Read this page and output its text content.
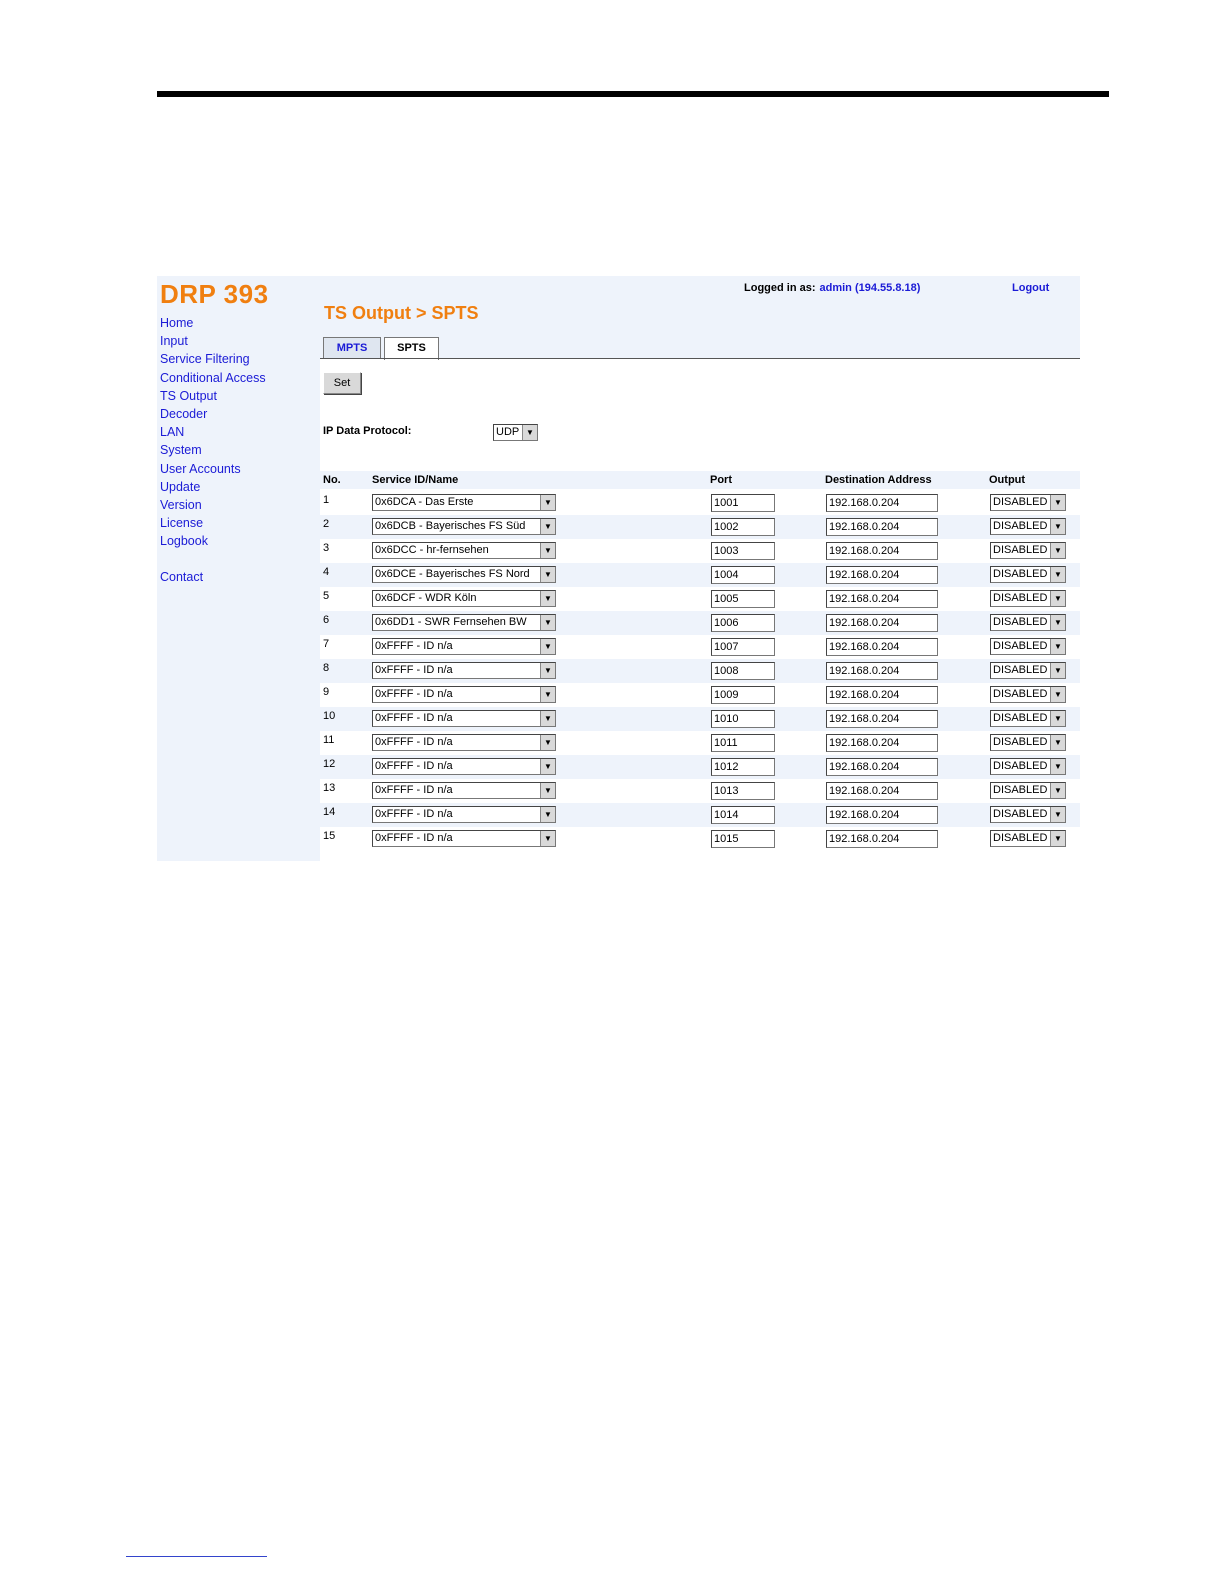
DRP 393
Home
Input
Service Filtering
Conditional Access
TS Output
Decoder
LAN
System
User Accounts
Update
Version
License
Logbook
Contact
Logged in as: admin (194.55.8.18)	Logout
TS Output > SPTS
MPTS	SPTS
Set
IP Data Protocol:	UDP ▼
No.	Service ID/Name	Port	Destination Address	Output
1	0x6DCA - Das Erste	▼	1001	192.168.0.204	DISABLED ▼
2	0x6DCB - Bayerisches FS Süd	▼	1002	192.168.0.204	DISABLED ▼
3	0x6DCC - hr-fernsehen	▼	1003	192.168.0.204	DISABLED ▼
4	0x6DCE - Bayerisches FS Nord	▼	1004	192.168.0.204	DISABLED ▼
5	0x6DCF - WDR Köln	▼	1005	192.168.0.204	DISABLED ▼
6	0x6DD1 - SWR Fernsehen BW	▼	1006	192.168.0.204	DISABLED ▼
7	0xFFFF - ID n/a	▼	1007	192.168.0.204	DISABLED ▼
8	0xFFFF - ID n/a	▼	1008	192.168.0.204	DISABLED ▼
9	0xFFFF - ID n/a	▼	1009	192.168.0.204	DISABLED ▼
10	0xFFFF - ID n/a	▼	1010	192.168.0.204	DISABLED ▼
11	0xFFFF - ID n/a	▼	1011	192.168.0.204	DISABLED ▼
12	0xFFFF - ID n/a	▼	1012	192.168.0.204	DISABLED ▼
13	0xFFFF - ID n/a	▼	1013	192.168.0.204	DISABLED ▼
14	0xFFFF - ID n/a	▼	1014	192.168.0.204	DISABLED ▼
15	0xFFFF - ID n/a	▼	1015	192.168.0.204	DISABLED ▼
